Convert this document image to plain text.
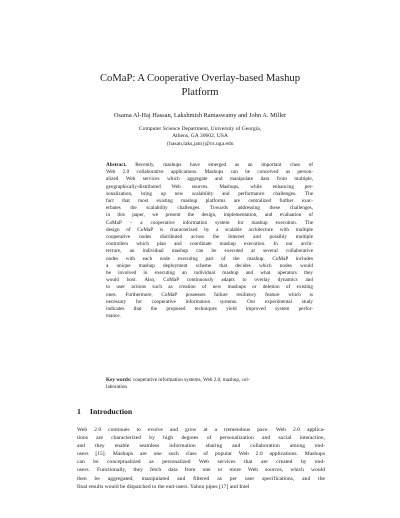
CoMaP: A Cooperative Overlay-based Mashup
Platform
Osama Al-Haj Hassan, Lakshmish Ramaswamy and John A. Miller
Computer Science Department, University of Georgia,
Athens, GA 30602, USA
{hasan,laks,jam}@cs.uga.edu
Abstract. Recently, mashups have emerged as an important class of
Web 2.0 collaborative applications. Mashups can be conceived as person-
alized Web services which aggregate and manipulate data from multiple,
geographically-distributed Web sources. Mashups, while enhancing per-
sonalization, bring up new scalability and performance challenges. The
fact that most existing mashup platforms are centralized further exac-
erbates the scalability challenges. Towards addressing these challenges,
in this paper, we present the design, implementation, and evaluation of
CoMaP – a cooperative information system for mashup execution. The
design of CoMaP is characterized by a scalable architecture with multiple
cooperative nodes distributed across the Internet and possibly multiple
controllers which plan and coordinate mashup execution. In our archi-
tecture, an individual mashup can be executed at several collaborative
nodes with each node executing part of the mashup. CoMaP includes
a unique mashup deployment scheme that decides which nodes would
be involved in executing an individual mashup and what operators they
would host. Also, CoMaP continuously adapts to overlay dynamics and
to user actions such as creation of new mashups or deletion of existing
ones. Furthermore, CoMaP possesses failure resiliency feature which is
necessary for cooperative information systems. Our experimental study
indicates that the proposed techniques yield improved system perfor-
mance.
Key words: cooperative information systems, Web 2.0, mashup, col-
laboration
1 Introduction
Web 2.0 continues to evolve and grow at a tremendous pace. Web 2.0 applica-
tions are characterized by high degrees of personalization and social interaction,
and they enable seamless information sharing and collaboration among end-
users [15]. Mashups are one such class of popular Web 2.0 applications. Mashups
can be conceptualized as personalized Web services that are created by end-
users. Functionally, they fetch data from one or more Web sources, which would
then be aggregated, manipulated and filtered as per user specifications, and the
final results would be dispatched to the end-users. Yahoo pipes [17] and Intel
